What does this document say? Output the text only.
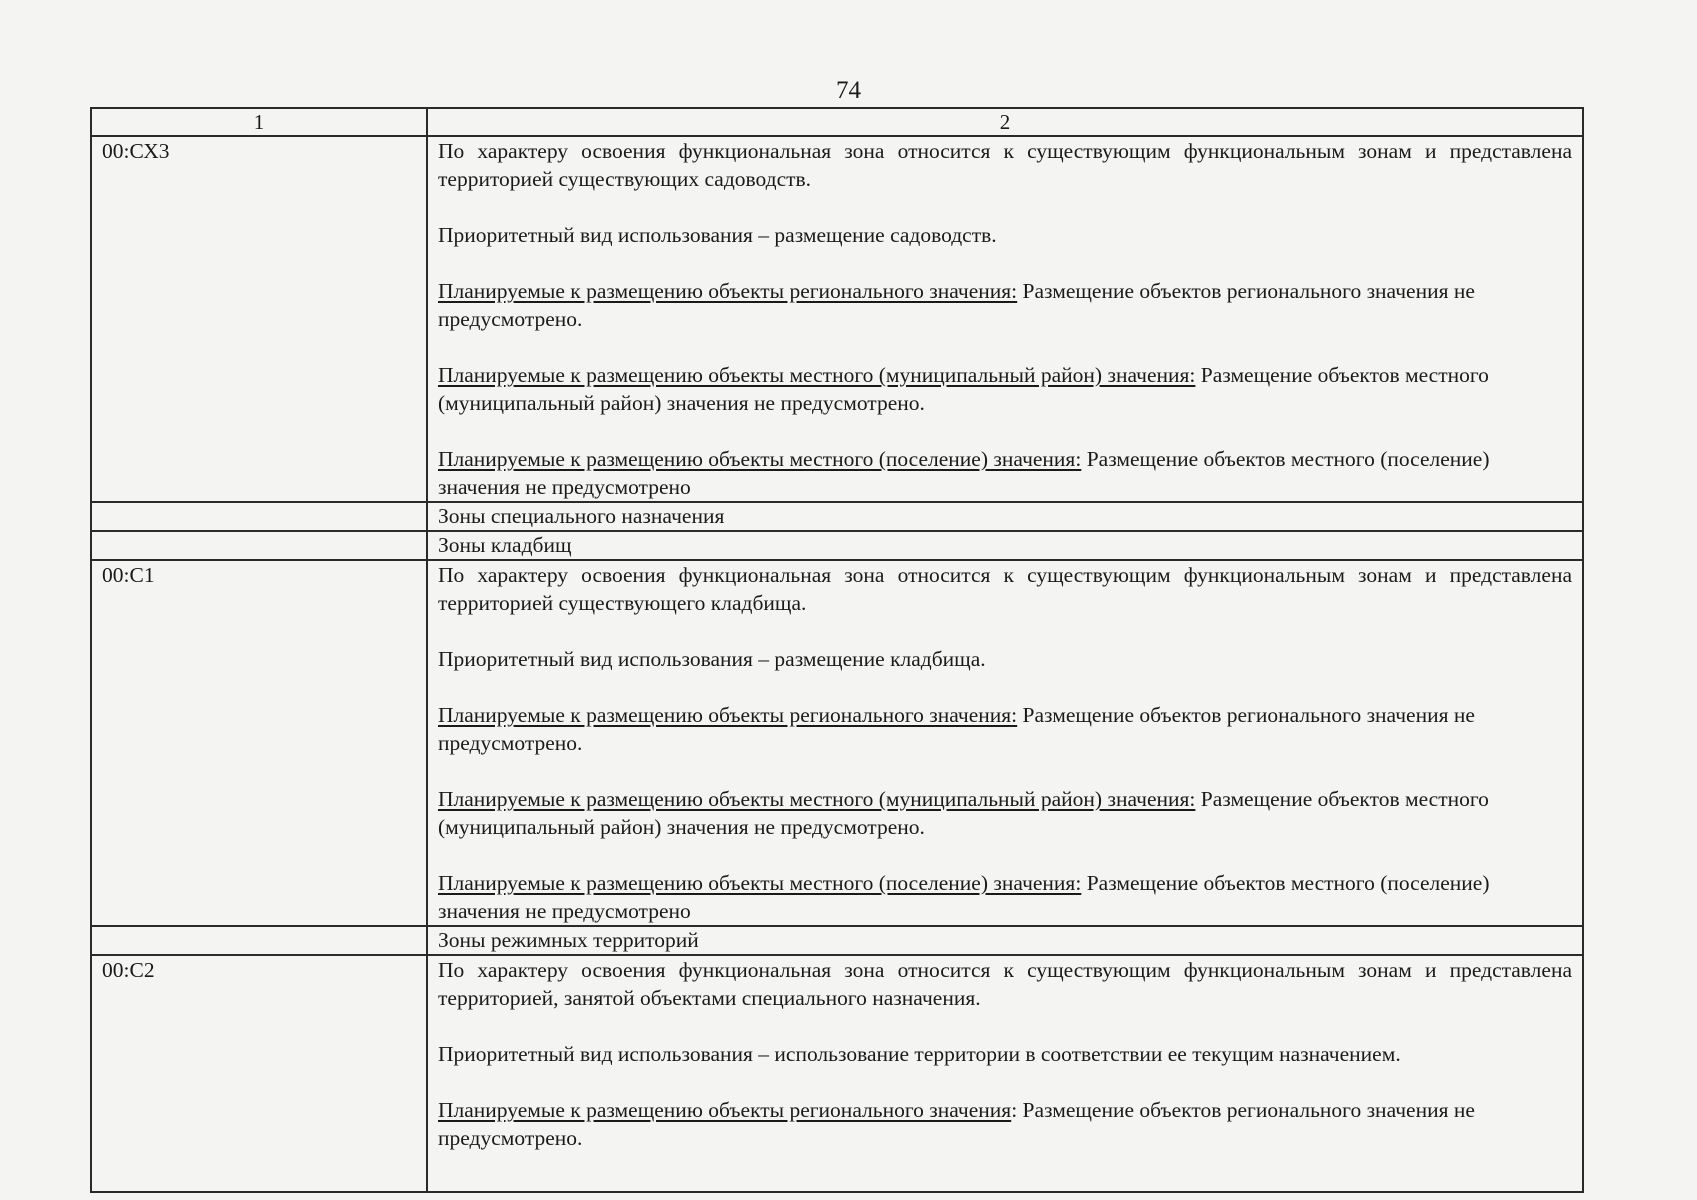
74
1	2
00:СХ3	По характеру освоения функциональная зона относится к существующим функциональным зонам и представлена территорией существующих садоводств.

Приоритетный вид использования – размещение садоводств.

Планируемые к размещению объекты регионального значения: Размещение объектов регионального значения не предусмотрено.

Планируемые к размещению объекты местного (муниципальный район) значения: Размещение объектов местного (муниципальный район) значения не предусмотрено.

Планируемые к размещению объекты местного (поселение) значения: Размещение объектов местного (поселение) значения не предусмотрено

	Зоны специального назначения
	Зоны кладбищ
00:С1	По характеру освоения функциональная зона относится к существующим функциональным зонам и представлена территорией существующего кладбища.

Приоритетный вид использования – размещение кладбища.

Планируемые к размещению объекты регионального значения: Размещение объектов регионального значения не предусмотрено.

Планируемые к размещению объекты местного (муниципальный район) значения: Размещение объектов местного (муниципальный район) значения не предусмотрено.

Планируемые к размещению объекты местного (поселение) значения: Размещение объектов местного (поселение) значения не предусмотрено

	Зоны режимных территорий
00:С2	По характеру освоения функциональная зона относится к существующим функциональным зонам и представлена территорией, занятой объектами специального назначения.

Приоритетный вид использования – использование территории в соответствии ее текущим назначением.

Планируемые к размещению объекты регионального значения: Размещение объектов регионального значения не предусмотрено.
